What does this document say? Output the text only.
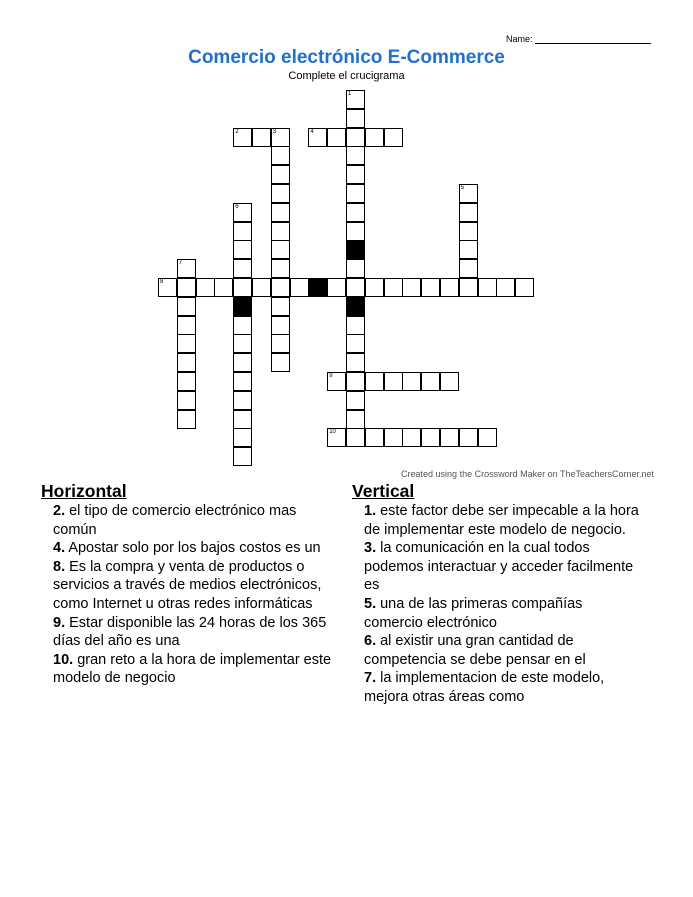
Name:
Comercio electrónico E-Commerce
Complete el crucigrama
1
2	3	4
5
6
7
8
9
10
Created using the Crossword Maker on TheTeachersCorner.net
Horizontal

2. el tipo de comercio electrónico mas común

4. Apostar solo por los bajos costos es un

8. Es la compra y venta de productos o servicios a través de medios electrónicos, como Internet u otras redes informáticas

9. Estar disponible las 24 horas de los 365 días del año es una

10. gran reto a la hora de implementar este modelo de negocio

Vertical

1. este factor debe ser impecable a la hora de implementar este modelo de negocio.

3. la comunicación en la cual todos podemos interactuar y acceder facilmente es

5. una de las primeras compañías comercio electrónico

6. al existir una gran cantidad de competencia se debe pensar en el

7. la implementacion de este modelo, mejora otras áreas como
